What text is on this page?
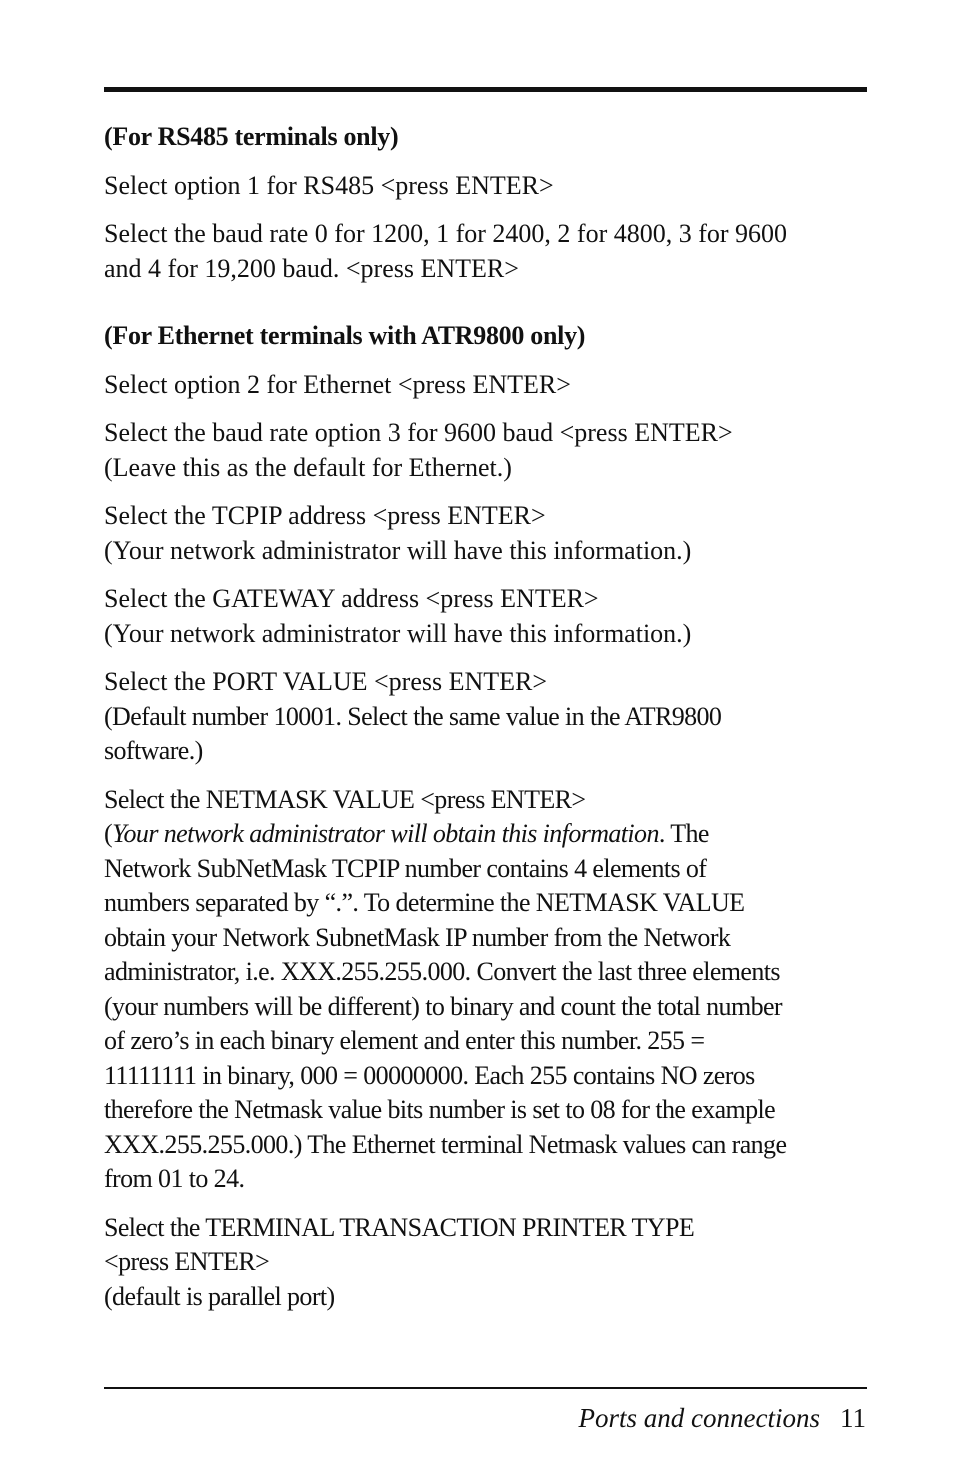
(For RS485 terminals only)

Select option 1 for RS485 <press ENTER>

Select the baud rate 0 for 1200, 1 for 2400, 2 for 4800, 3 for 9600
and 4 for 19,200 baud. <press ENTER>

(For Ethernet terminals with ATR9800 only)

Select option 2 for Ethernet <press ENTER>

Select the baud rate option 3 for 9600 baud <press ENTER>
(Leave this as the default for Ethernet.)

Select the TCPIP address <press ENTER>
(Your network administrator will have this information.)

Select the GATEWAY address <press ENTER>
(Your network administrator will have this information.)

Select the PORT VALUE <press ENTER>
(Default number 10001. Select the same value in the ATR9800
software.)

Select the NETMASK VALUE <press ENTER>
(Your network administrator will obtain this information. The
Network SubNetMask TCPIP number contains 4 elements of
numbers separated by “.”. To determine the NETMASK VALUE
obtain your Network SubnetMask IP number from the Network
administrator, i.e. XXX.255.255.000. Convert the last three elements
(your numbers will be different) to binary and count the total number
of zero’s in each binary element and enter this number. 255 =
11111111 in binary, 000 = 00000000. Each 255 contains NO zeros
therefore the Netmask value bits number is set to 08 for the example
XXX.255.255.000.) The Ethernet terminal Netmask values can range
from 01 to 24.

Select the TERMINAL TRANSACTION PRINTER TYPE
<press ENTER>
(default is parallel port)

Ports and connections 11
